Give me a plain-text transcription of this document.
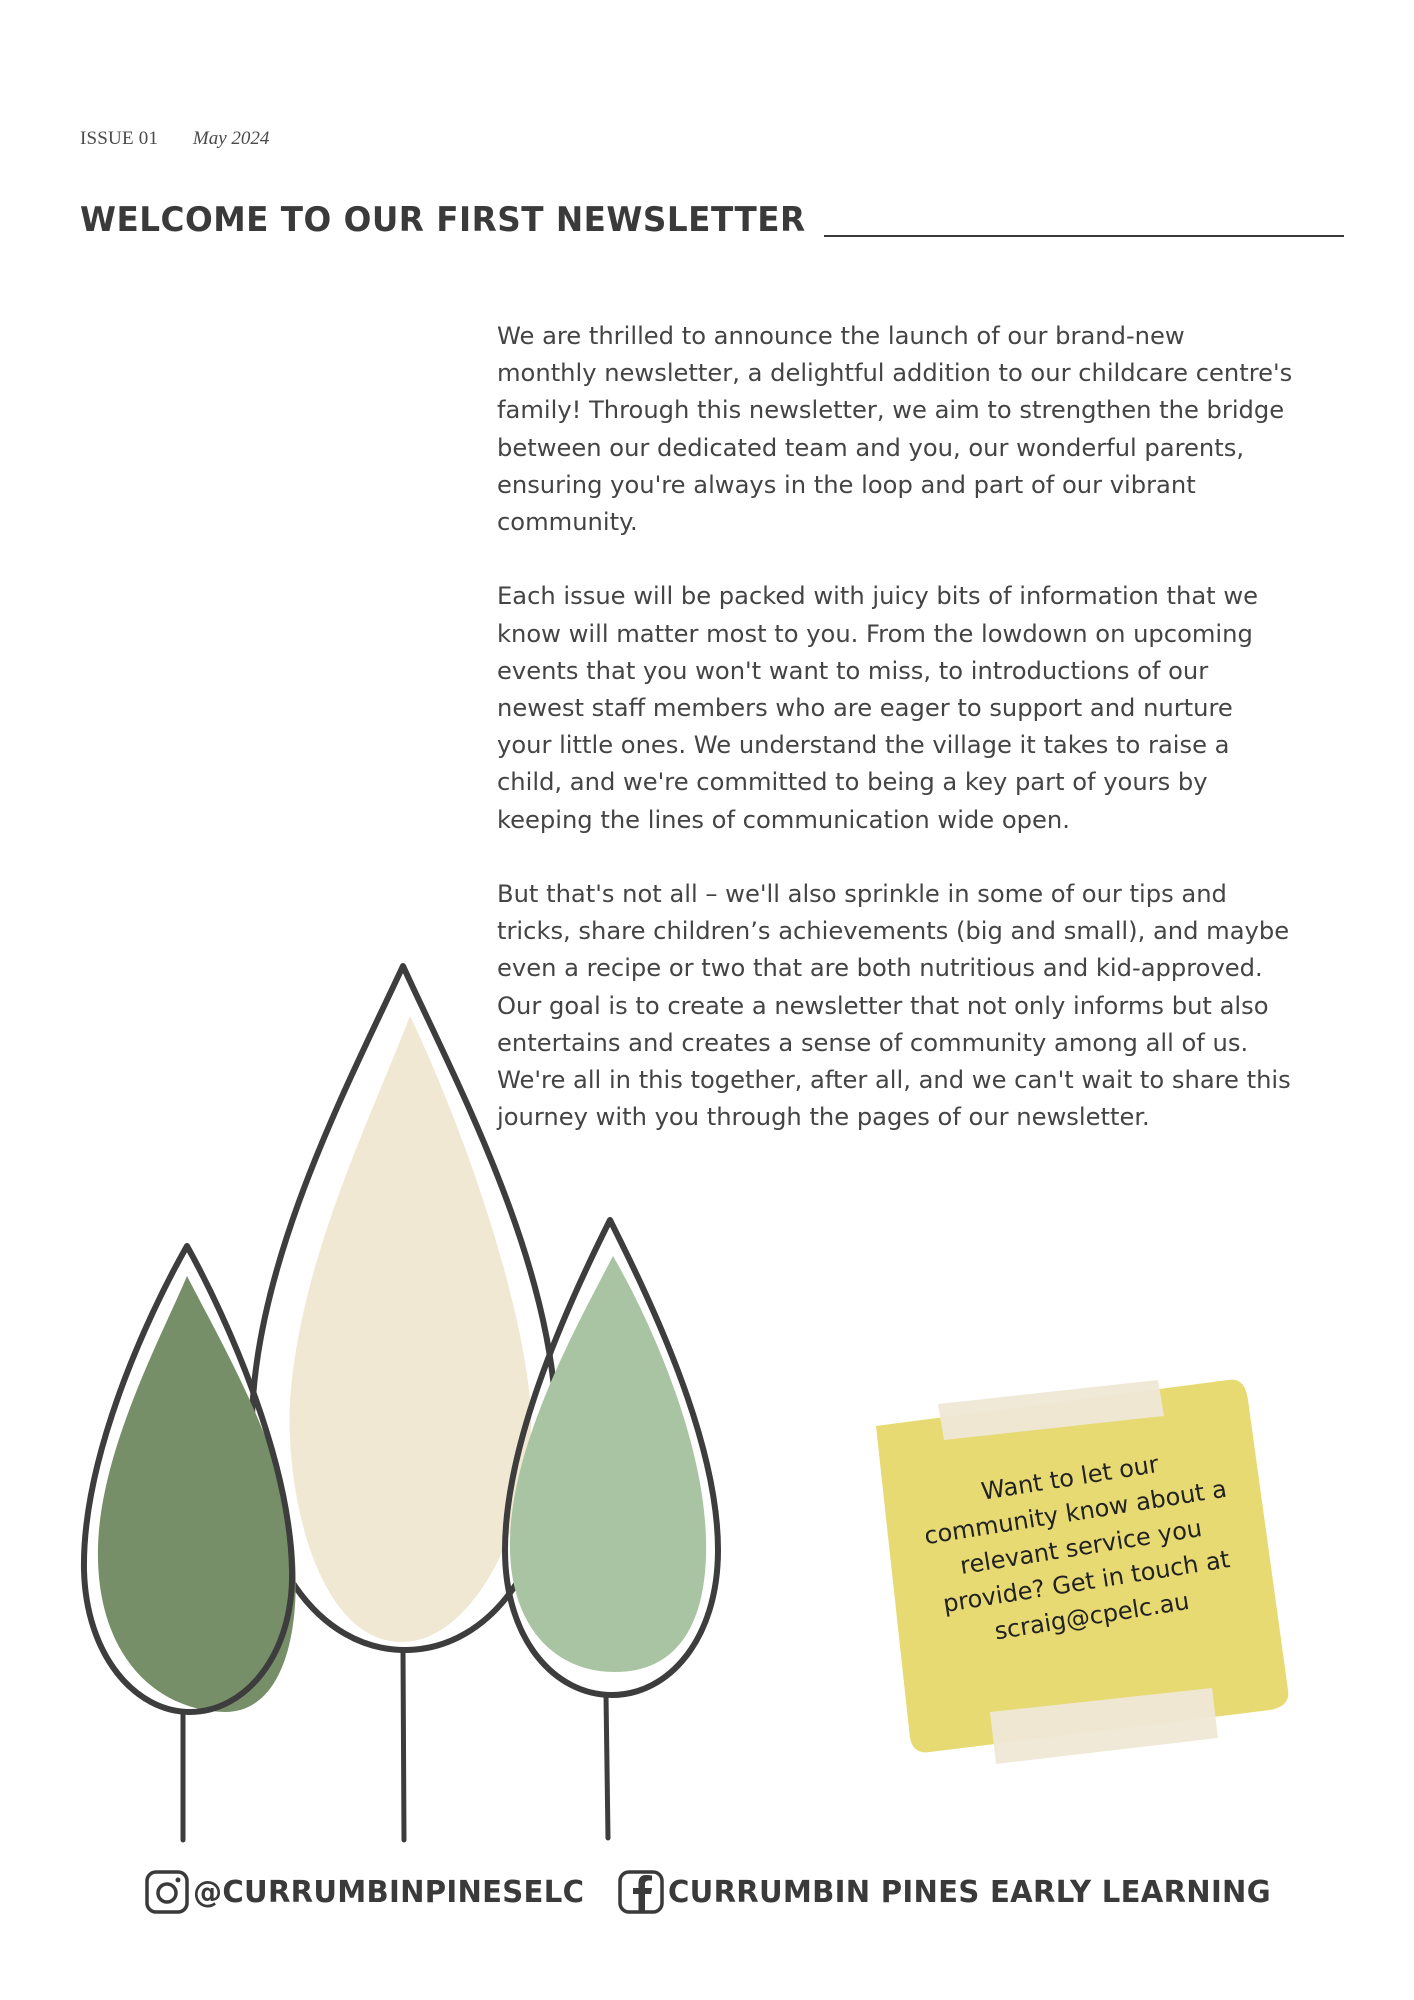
ISSUE 01 May 2024
WELCOME TO OUR FIRST NEWSLETTER

We are thrilled to announce the launch of our brand-new
monthly newsletter, a delightful addition to our childcare centre's
family! Through this newsletter, we aim to strengthen the bridge
between our dedicated team and you, our wonderful parents,
ensuring you're always in the loop and part of our vibrant
community.

Each issue will be packed with juicy bits of information that we
know will matter most to you. From the lowdown on upcoming
events that you won't want to miss, to introductions of our
newest staff members who are eager to support and nurture
your little ones. We understand the village it takes to raise a
child, and we're committed to being a key part of yours by
keeping the lines of communication wide open.

But that's not all – we'll also sprinkle in some of our tips and
tricks, share children’s achievements (big and small), and maybe
even a recipe or two that are both nutritious and kid-approved.
Our goal is to create a newsletter that not only informs but also
entertains and creates a sense of community among all of us.
We're all in this together, after all, and we can't wait to share this
journey with you through the pages of our newsletter.

Want to let our
community know about a
relevant service you
provide? Get in touch at
scraig@cpelc.au
@CURRUMBINPINESELC	CURRUMBIN PINES EARLY LEARNING
